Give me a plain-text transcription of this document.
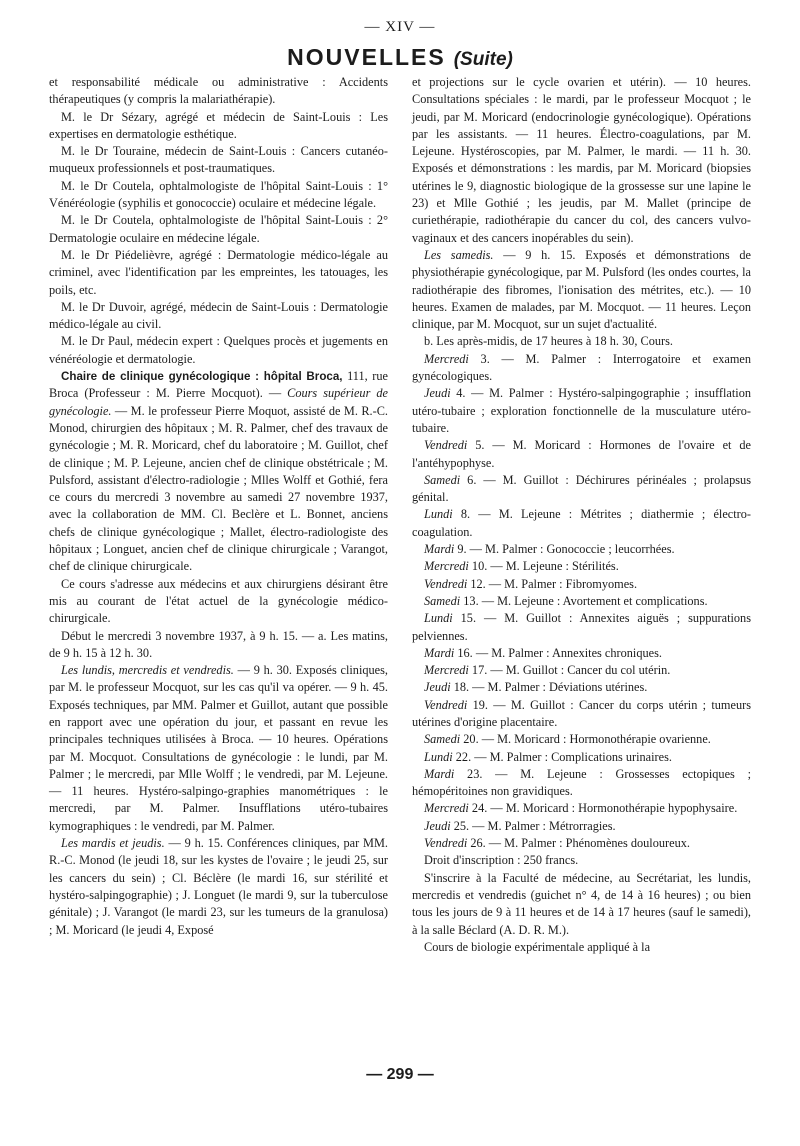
— XIV —
NOUVELLES (Suite)

et responsabilité médicale ou administrative : Accidents thérapeutiques (y compris la malariathérapie).

M. le Dr Sézary, agrégé et médecin de Saint-Louis : Les expertises en dermatologie esthétique.

M. le Dr Touraine, médecin de Saint-Louis : Cancers cutanéo-muqueux professionnels et post-traumatiques.

M. le Dr Coutela, ophtalmologiste de l'hôpital Saint-Louis : 1° Vénéréologie (syphilis et gonococcie) oculaire et médecine légale.

M. le Dr Coutela, ophtalmologiste de l'hôpital Saint-Louis : 2° Dermatologie oculaire en médecine légale.

M. le Dr Piédelièvre, agrégé : Dermatologie médico-légale au criminel, avec l'identification par les empreintes, les tatouages, les poils, etc.

M. le Dr Duvoir, agrégé, médecin de Saint-Louis : Dermatologie médico-légale au civil.

M. le Dr Paul, médecin expert : Quelques procès et jugements en vénéréologie et dermatologie.

Chaire de clinique gynécologique : hôpital Broca, 111, rue Broca (Professeur : M. Pierre Mocquot). — Cours supérieur de gynécologie. — M. le professeur Pierre Moquot, assisté de M. R.-C. Monod, chirurgien des hôpitaux ; M. R. Palmer, chef des travaux de gynécologie ; M. R. Moricard, chef du laboratoire ; M. Guillot, chef de clinique ; M. P. Lejeune, ancien chef de clinique obstétricale ; M. Pulsford, assistant d'électro-radiologie ; Mlles Wolff et Gothié, fera ce cours du mercredi 3 novembre au samedi 27 novembre 1937, avec la collaboration de MM. Cl. Beclère et L. Bonnet, anciens chefs de clinique gynécologique ; Mallet, électro-radiologiste des hôpitaux ; Longuet, ancien chef de clinique chirurgicale ; Varangot, chef de clinique chirurgicale.

Ce cours s'adresse aux médecins et aux chirurgiens désirant être mis au courant de l'état actuel de la gynécologie médico-chirurgicale.

Début le mercredi 3 novembre 1937, à 9 h. 15. — a. Les matins, de 9 h. 15 à 12 h. 30.

Les lundis, mercredis et vendredis. — 9 h. 30. Exposés cliniques, par M. le professeur Mocquot, sur les cas qu'il va opérer. — 9 h. 45. Exposés techniques, par MM. Palmer et Guillot, autant que possible en rapport avec une opération du jour, et passant en revue les principales techniques utilisées à Broca. — 10 heures. Opérations par M. Mocquot. Consultations de gynécologie : le lundi, par M. Palmer ; le mercredi, par Mlle Wolff ; le vendredi, par M. Lejeune. — 11 heures. Hystéro-salpingo-graphies manométriques : le mercredi, par M. Palmer. Insufflations utéro-tubaires kymographiques : le vendredi, par M. Palmer.

Les mardis et jeudis. — 9 h. 15. Conférences cliniques, par MM. R.-C. Monod (le jeudi 18, sur les kystes de l'ovaire ; le jeudi 25, sur les cancers du sein) ; Cl. Béclère (le mardi 16, sur stérilité et hystéro-salpingographie) ; J. Longuet (le mardi 9, sur la tuberculose génitale) ; J. Varangot (le mardi 23, sur les tumeurs de la granulosa) ; M. Moricard (le jeudi 4, Exposé

et projections sur le cycle ovarien et utérin). — 10 heures. Consultations spéciales : le mardi, par le professeur Mocquot ; le jeudi, par M. Moricard (endocrinologie gynécologique). Opérations par les assistants. — 11 heures. Électro-coagulations, par M. Lejeune. Hystéroscopies, par M. Palmer, le mardi. — 11 h. 30. Exposés et démonstrations : les mardis, par M. Moricard (biopsies utérines le 9, diagnostic biologique de la grossesse sur une lapine le 23) et Mlle Gothié ; les jeudis, par M. Mallet (principe de curiethérapie, radiothérapie du cancer du col, des cancers vulvo-vaginaux et des cancers inopérables du sein).

Les samedis. — 9 h. 15. Exposés et démonstrations de physiothérapie gynécologique, par M. Pulsford (les ondes courtes, la radiothérapie des fibromes, l'ionisation des métrites, etc.). — 10 heures. Examen de malades, par M. Mocquot. — 11 heures. Leçon clinique, par M. Mocquot, sur un sujet d'actualité.

b. Les après-midis, de 17 heures à 18 h. 30, Cours.

Mercredi 3. — M. Palmer : Interrogatoire et examen gynécologiques.

Jeudi 4. — M. Palmer : Hystéro-salpingographie ; insufflation utéro-tubaire ; exploration fonctionnelle de la musculature utéro-tubaire.

Vendredi 5. — M. Moricard : Hormones de l'ovaire et de l'antéhypophyse.

Samedi 6. — M. Guillot : Déchirures périnéales ; prolapsus génital.

Lundi 8. — M. Lejeune : Métrites ; diathermie ; électro-coagulation.

Mardi 9. — M. Palmer : Gonococcie ; leucorrhées.

Mercredi 10. — M. Lejeune : Stérilités.

Vendredi 12. — M. Palmer : Fibromyomes.

Samedi 13. — M. Lejeune : Avortement et complications.

Lundi 15. — M. Guillot : Annexites aiguës ; suppurations pelviennes.

Mardi 16. — M. Palmer : Annexites chroniques.

Mercredi 17. — M. Guillot : Cancer du col utérin.

Jeudi 18. — M. Palmer : Déviations utérines.

Vendredi 19. — M. Guillot : Cancer du corps utérin ; tumeurs utérines d'origine placentaire.

Samedi 20. — M. Moricard : Hormonothérapie ovarienne.

Lundi 22. — M. Palmer : Complications urinaires.

Mardi 23. — M. Lejeune : Grossesses ectopiques ; hémopéritoines non gravidiques.

Mercredi 24. — M. Moricard : Hormonothérapie hypophysaire.

Jeudi 25. — M. Palmer : Métrorragies.

Vendredi 26. — M. Palmer : Phénomènes douloureux.

Droit d'inscription : 250 francs.

S'inscrire à la Faculté de médecine, au Secrétariat, les lundis, mercredis et vendredis (guichet n° 4, de 14 à 16 heures) ; ou bien tous les jours de 9 à 11 heures et de 14 à 17 heures (sauf le samedi), à la salle Béclard (A. D. R. M.).

Cours de biologie expérimentale appliqué à la

— 299 —
